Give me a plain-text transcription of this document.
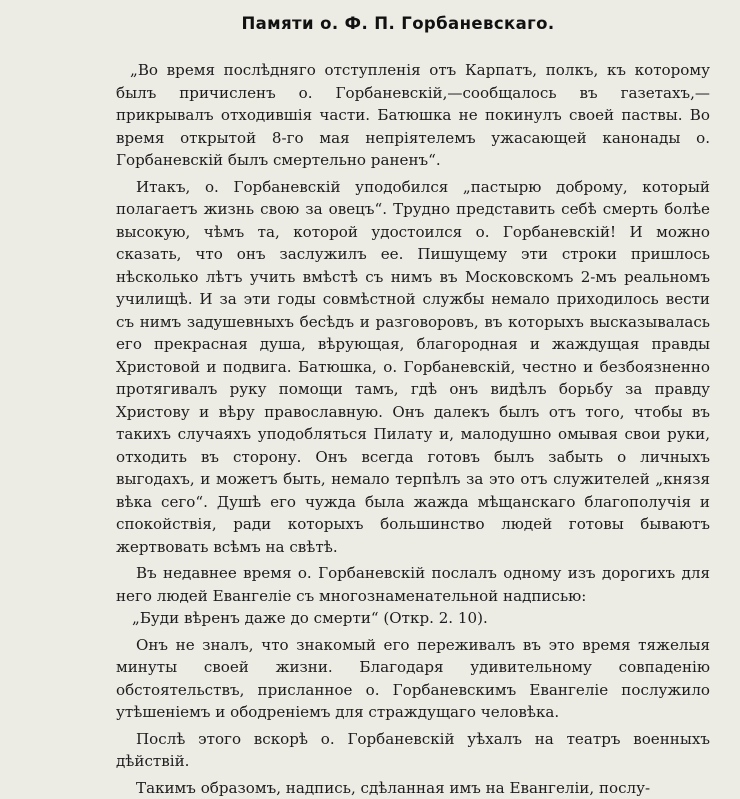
Памяти о. Ф. П. Горбаневскаго.

„Во время послѣдняго отступленія отъ Карпатъ, полкъ, къ которому былъ причисленъ о. Горбаневскій,—сообщалось въ газетахъ,—прикрывалъ отходившія части. Батюшка не покинулъ своей паствы. Во время открытой 8-го мая непріятелемъ ужасающей канонады о. Горбаневскій былъ смертельно раненъ“.

Итакъ, о. Горбаневскій уподобился „пастырю доброму, который полагаетъ жизнь свою за овецъ“. Трудно представить себѣ смерть болѣе высокую, чѣмъ та, которой удостоился о. Горбаневскій! И можно сказать, что онъ заслужилъ ее. Пишущему эти строки пришлось нѣсколько лѣтъ учить вмѣстѣ съ нимъ въ Московскомъ 2-мъ реальномъ училищѣ. И за эти годы совмѣстной службы немало приходилось вести съ нимъ задушевныхъ бесѣдъ и разговоровъ, въ которыхъ высказывалась его прекрасная душа, вѣрующая, благородная и жаждущая правды Христовой и подвига. Батюшка, о. Горбаневскій, честно и безбоязненно протягивалъ руку помощи тамъ, гдѣ онъ видѣлъ борьбу за правду Христову и вѣру православную. Онъ далекъ былъ отъ того, чтобы въ такихъ случаяхъ уподобляться Пилату и, малодушно омывая свои руки, отходить въ сторону. Онъ всегда готовъ былъ забыть о личныхъ выгодахъ, и можетъ быть, немало терпѣлъ за это отъ служителей „князя вѣка сего“. Душѣ его чужда была жажда мѣщанскаго благополучія и спокойствія, ради которыхъ большинство людей готовы бываютъ жертвовать всѣмъ на свѣтѣ.

Въ недавнее время о. Горбаневскій послалъ одному изъ дорогихъ для него людей Евангеліе съ многознаменательной надписью:

„Буди вѣренъ даже до смерти“ (Откр. 2. 10).

Онъ не зналъ, что знакомый его переживалъ въ это время тяжелыя минуты своей жизни. Благодаря удивительному совпаденію обстоятельствъ, присланное о. Горбаневскимъ Евангеліе послужило утѣшеніемъ и ободреніемъ для страждущаго человѣка.

Послѣ этого вскорѣ о. Горбаневскій уѣхалъ на театръ военныхъ дѣйствій.

Такимъ образомъ, надпись, сдѣланная имъ на Евангеліи, послу-
